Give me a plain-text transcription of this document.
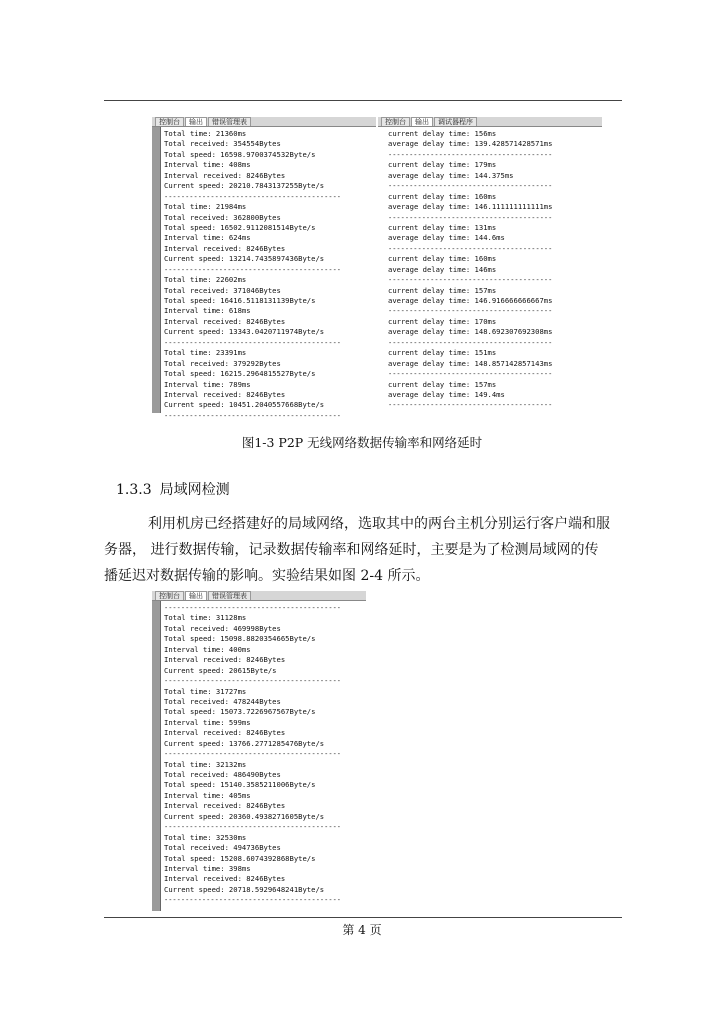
控制台	输出	错误管理表
Total time: 21360ms
Total received: 354554Bytes
Total speed: 16598.9700374532Byte/s
Interval time: 408ms
Interval received: 8246Bytes
Current speed: 20210.7843137255Byte/s
------------------------------------------
Total time: 21984ms
Total received: 362800Bytes
Total speed: 16502.9112081514Byte/s
Interval time: 624ms
Interval received: 8246Bytes
Current speed: 13214.7435897436Byte/s
------------------------------------------
Total time: 22602ms
Total received: 371046Bytes
Total speed: 16416.5118131139Byte/s
Interval time: 618ms
Interval received: 8246Bytes
Current speed: 13343.0420711974Byte/s
------------------------------------------
Total time: 23391ms
Total received: 379292Bytes
Total speed: 16215.2964815527Byte/s
Interval time: 789ms
Interval received: 8246Bytes
Current speed: 10451.2040557668Byte/s
------------------------------------------
控制台	输出	调试器程序
current delay time: 156ms
average delay time: 139.428571428571ms
---------------------------------------
current delay time: 179ms
average delay time: 144.375ms
---------------------------------------
current delay time: 160ms
average delay time: 146.111111111111ms
---------------------------------------
current delay time: 131ms
average delay time: 144.6ms
---------------------------------------
current delay time: 160ms
average delay time: 146ms
---------------------------------------
current delay time: 157ms
average delay time: 146.916666666667ms
---------------------------------------
current delay time: 170ms
average delay time: 148.692307692308ms
---------------------------------------
current delay time: 151ms
average delay time: 148.857142857143ms
---------------------------------------
current delay time: 157ms
average delay time: 149.4ms
---------------------------------------
图1-3 P2P 无线网络数据传输率和网络延时
1.3.3 局域网检测
利用机房已经搭建好的局域网络，选取其中的两台主机分别运行客户端和服
务器， 进行数据传输，记录数据传输率和网络延时，主要是为了检测局域网的传
播延迟对数据传输的影响。实验结果如图 2-4 所示。
控制台	输出	错误管理表
------------------------------------------
Total time: 31128ms
Total received: 469998Bytes
Total speed: 15098.8820354665Byte/s
Interval time: 400ms
Interval received: 8246Bytes
Current speed: 20615Byte/s
------------------------------------------
Total time: 31727ms
Total received: 478244Bytes
Total speed: 15073.7226967567Byte/s
Interval time: 599ms
Interval received: 8246Bytes
Current speed: 13766.2771285476Byte/s
------------------------------------------
Total time: 32132ms
Total received: 486490Bytes
Total speed: 15140.3585211006Byte/s
Interval time: 405ms
Interval received: 8246Bytes
Current speed: 20360.4938271605Byte/s
------------------------------------------
Total time: 32530ms
Total received: 494736Bytes
Total speed: 15208.6074392868Byte/s
Interval time: 398ms
Interval received: 8246Bytes
Current speed: 20718.5929648241Byte/s
------------------------------------------
第 4 页
